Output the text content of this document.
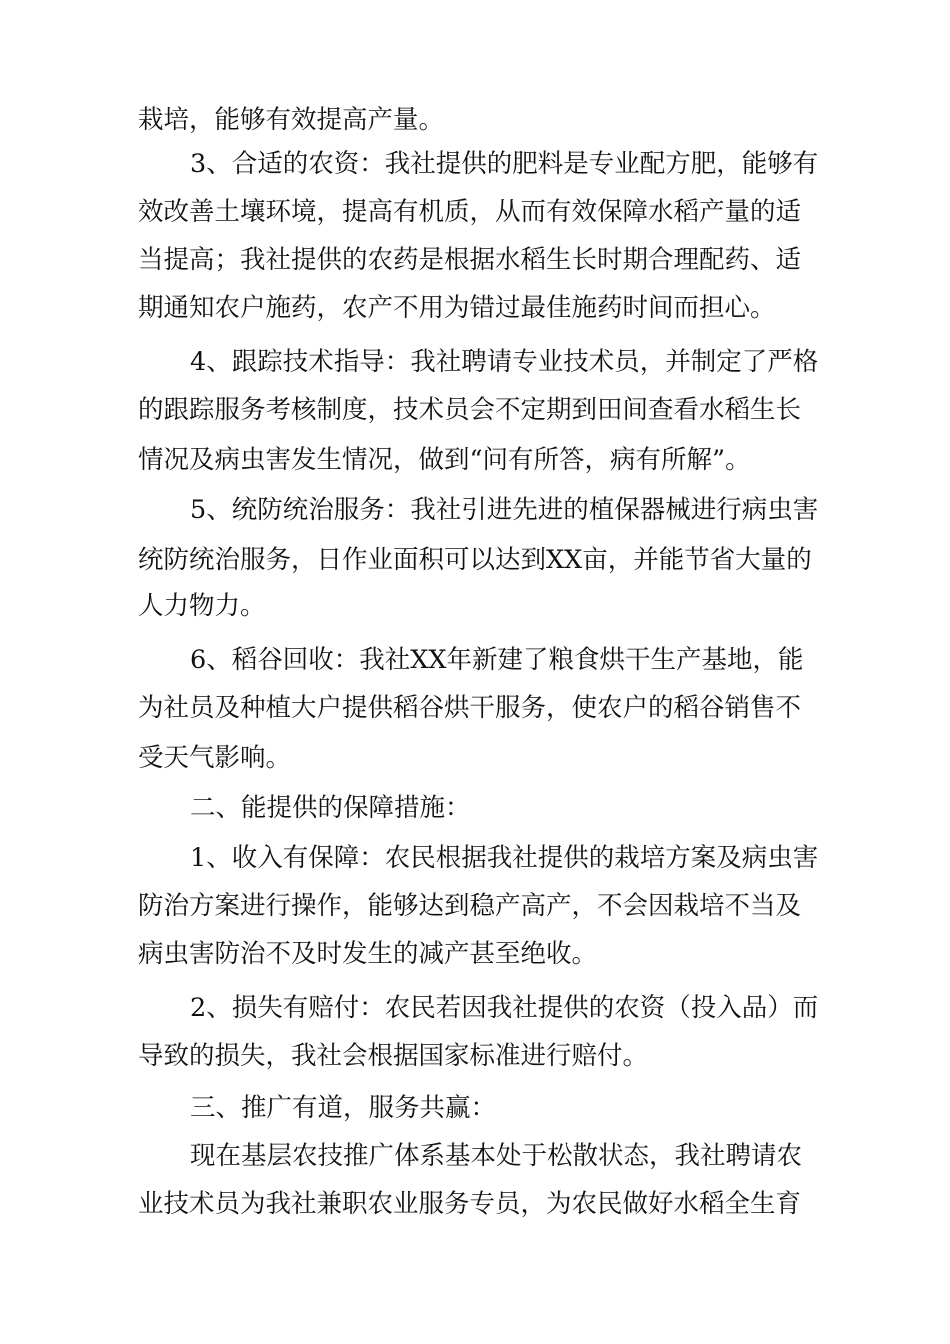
栽培，能够有效提高产量。
3、合适的农资：我社提供的肥料是专业配方肥，能够有
效改善土壤环境，提高有机质，从而有效保障水稻产量的适
当提高；我社提供的农药是根据水稻生长时期合理配药、适
期通知农户施药，农产不用为错过最佳施药时间而担心。
4、跟踪技术指导：我社聘请专业技术员，并制定了严格
的跟踪服务考核制度，技术员会不定期到田间查看水稻生长
情况及病虫害发生情况，做到“问有所答，病有所解”。
5、统防统治服务：我社引进先进的植保器械进行病虫害
统防统治服务，日作业面积可以达到XX亩，并能节省大量的
人力物力。
6、稻谷回收：我社XX年新建了粮食烘干生产基地，能
为社员及种植大户提供稻谷烘干服务，使农户的稻谷销售不
受天气影响。
二、能提供的保障措施：
1、收入有保障：农民根据我社提供的栽培方案及病虫害
防治方案进行操作，能够达到稳产高产，不会因栽培不当及
病虫害防治不及时发生的减产甚至绝收。
2、损失有赔付：农民若因我社提供的农资（投入品）而
导致的损失，我社会根据国家标准进行赔付。
三、推广有道，服务共赢：
现在基层农技推广体系基本处于松散状态，我社聘请农
业技术员为我社兼职农业服务专员，为农民做好水稻全生育
